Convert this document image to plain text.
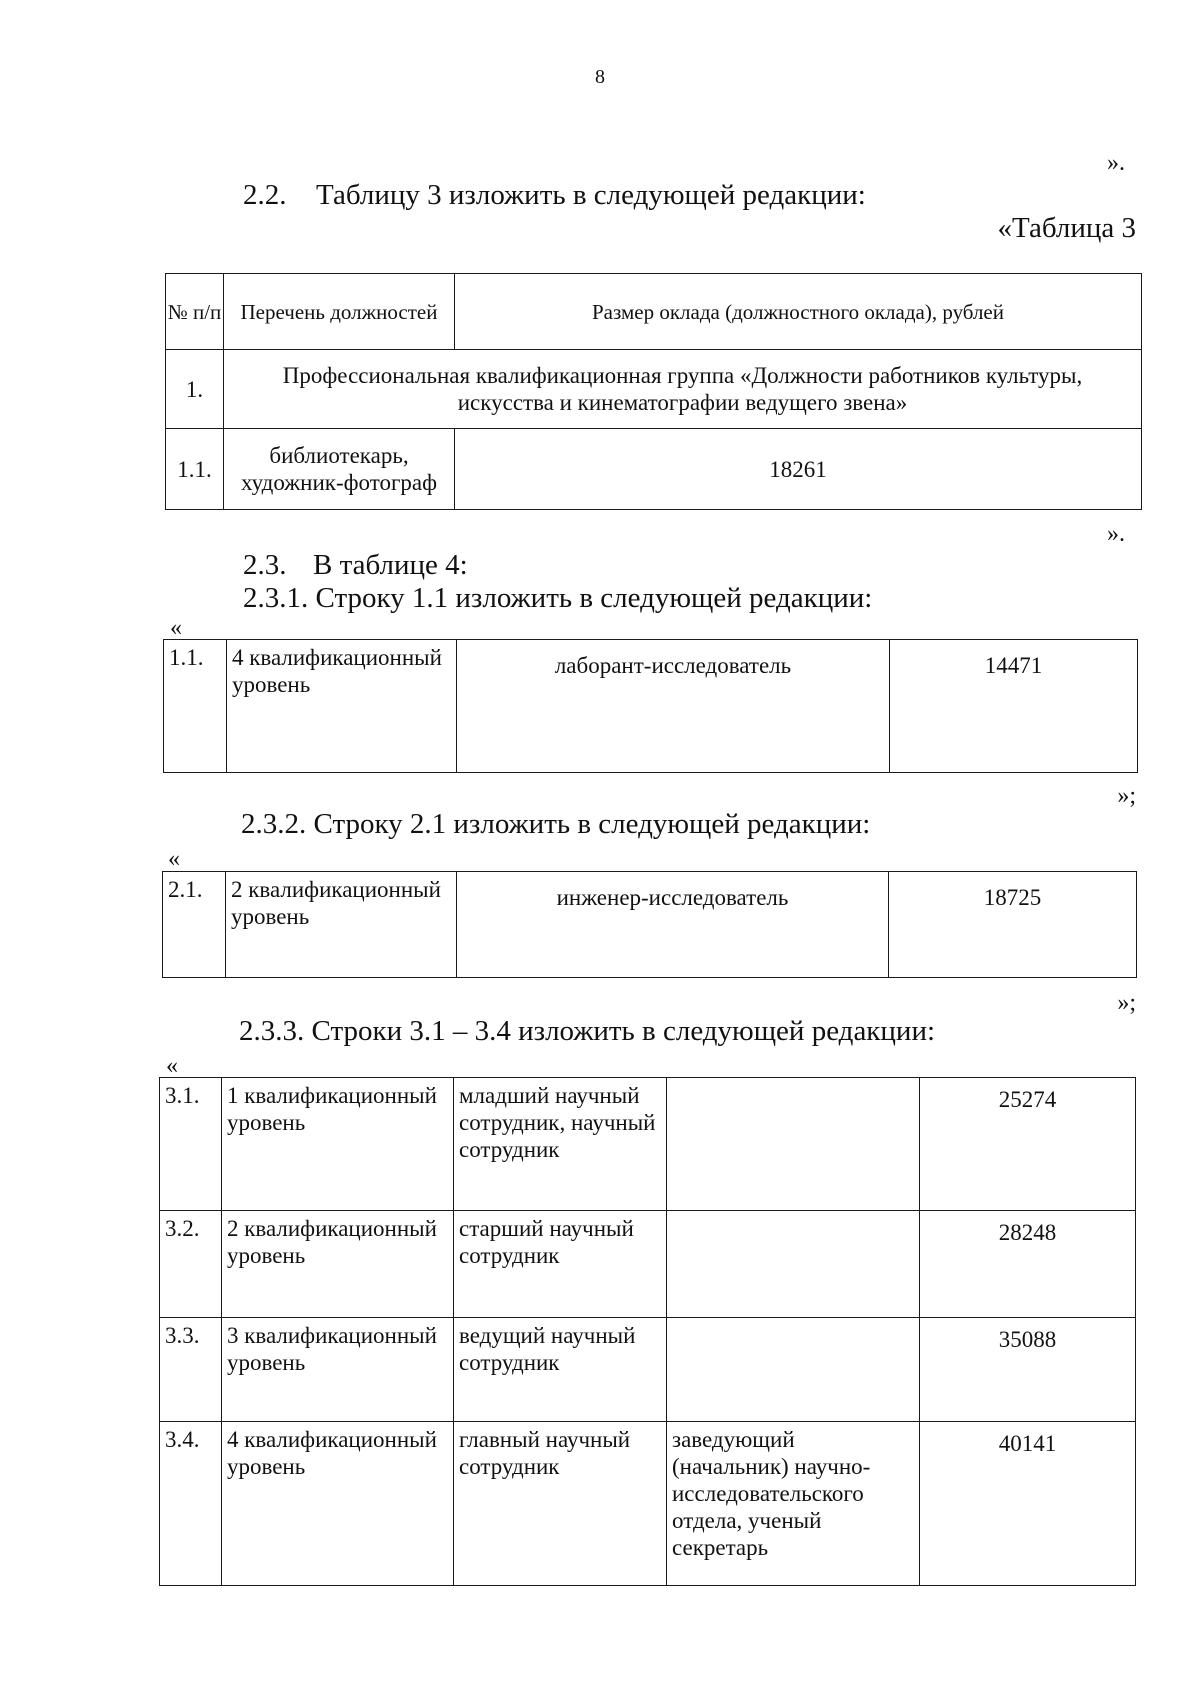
8
».
2.2. Таблицу 3 изложить в следующей редакции:
«Таблица 3
№ п/п	Перечень должностей	Размер оклада (должностного оклада), рублей
1.	Профессиональная квалификационная группа «Должности работников культуры, искусства и кинематографии ведущего звена»	
1.1.	библиотекарь, художник-фотограф	18261
».
2.3. В таблице 4:
2.3.1. Строку 1.1 изложить в следующей редакции:
«
1.1.	4 квалификационный уровень	лаборант-исследователь	14471
»;
2.3.2. Строку 2.1 изложить в следующей редакции:
«
2.1.	2 квалификационный уровень	инженер-исследователь	18725
»;
2.3.3. Строки 3.1 – 3.4 изложить в следующей редакции:
«
3.1.	1 квалификационный уровень	младший научный сотрудник, научный сотрудник		25274
3.2.	2 квалификационный уровень	старший научный сотрудник		28248
3.3.	3 квалификационный уровень	ведущий научный сотрудник		35088
3.4.	4 квалификационный уровень	главный научный сотрудник	заведующий (начальник) научно-исследовательского отдела, ученый секретарь	40141
